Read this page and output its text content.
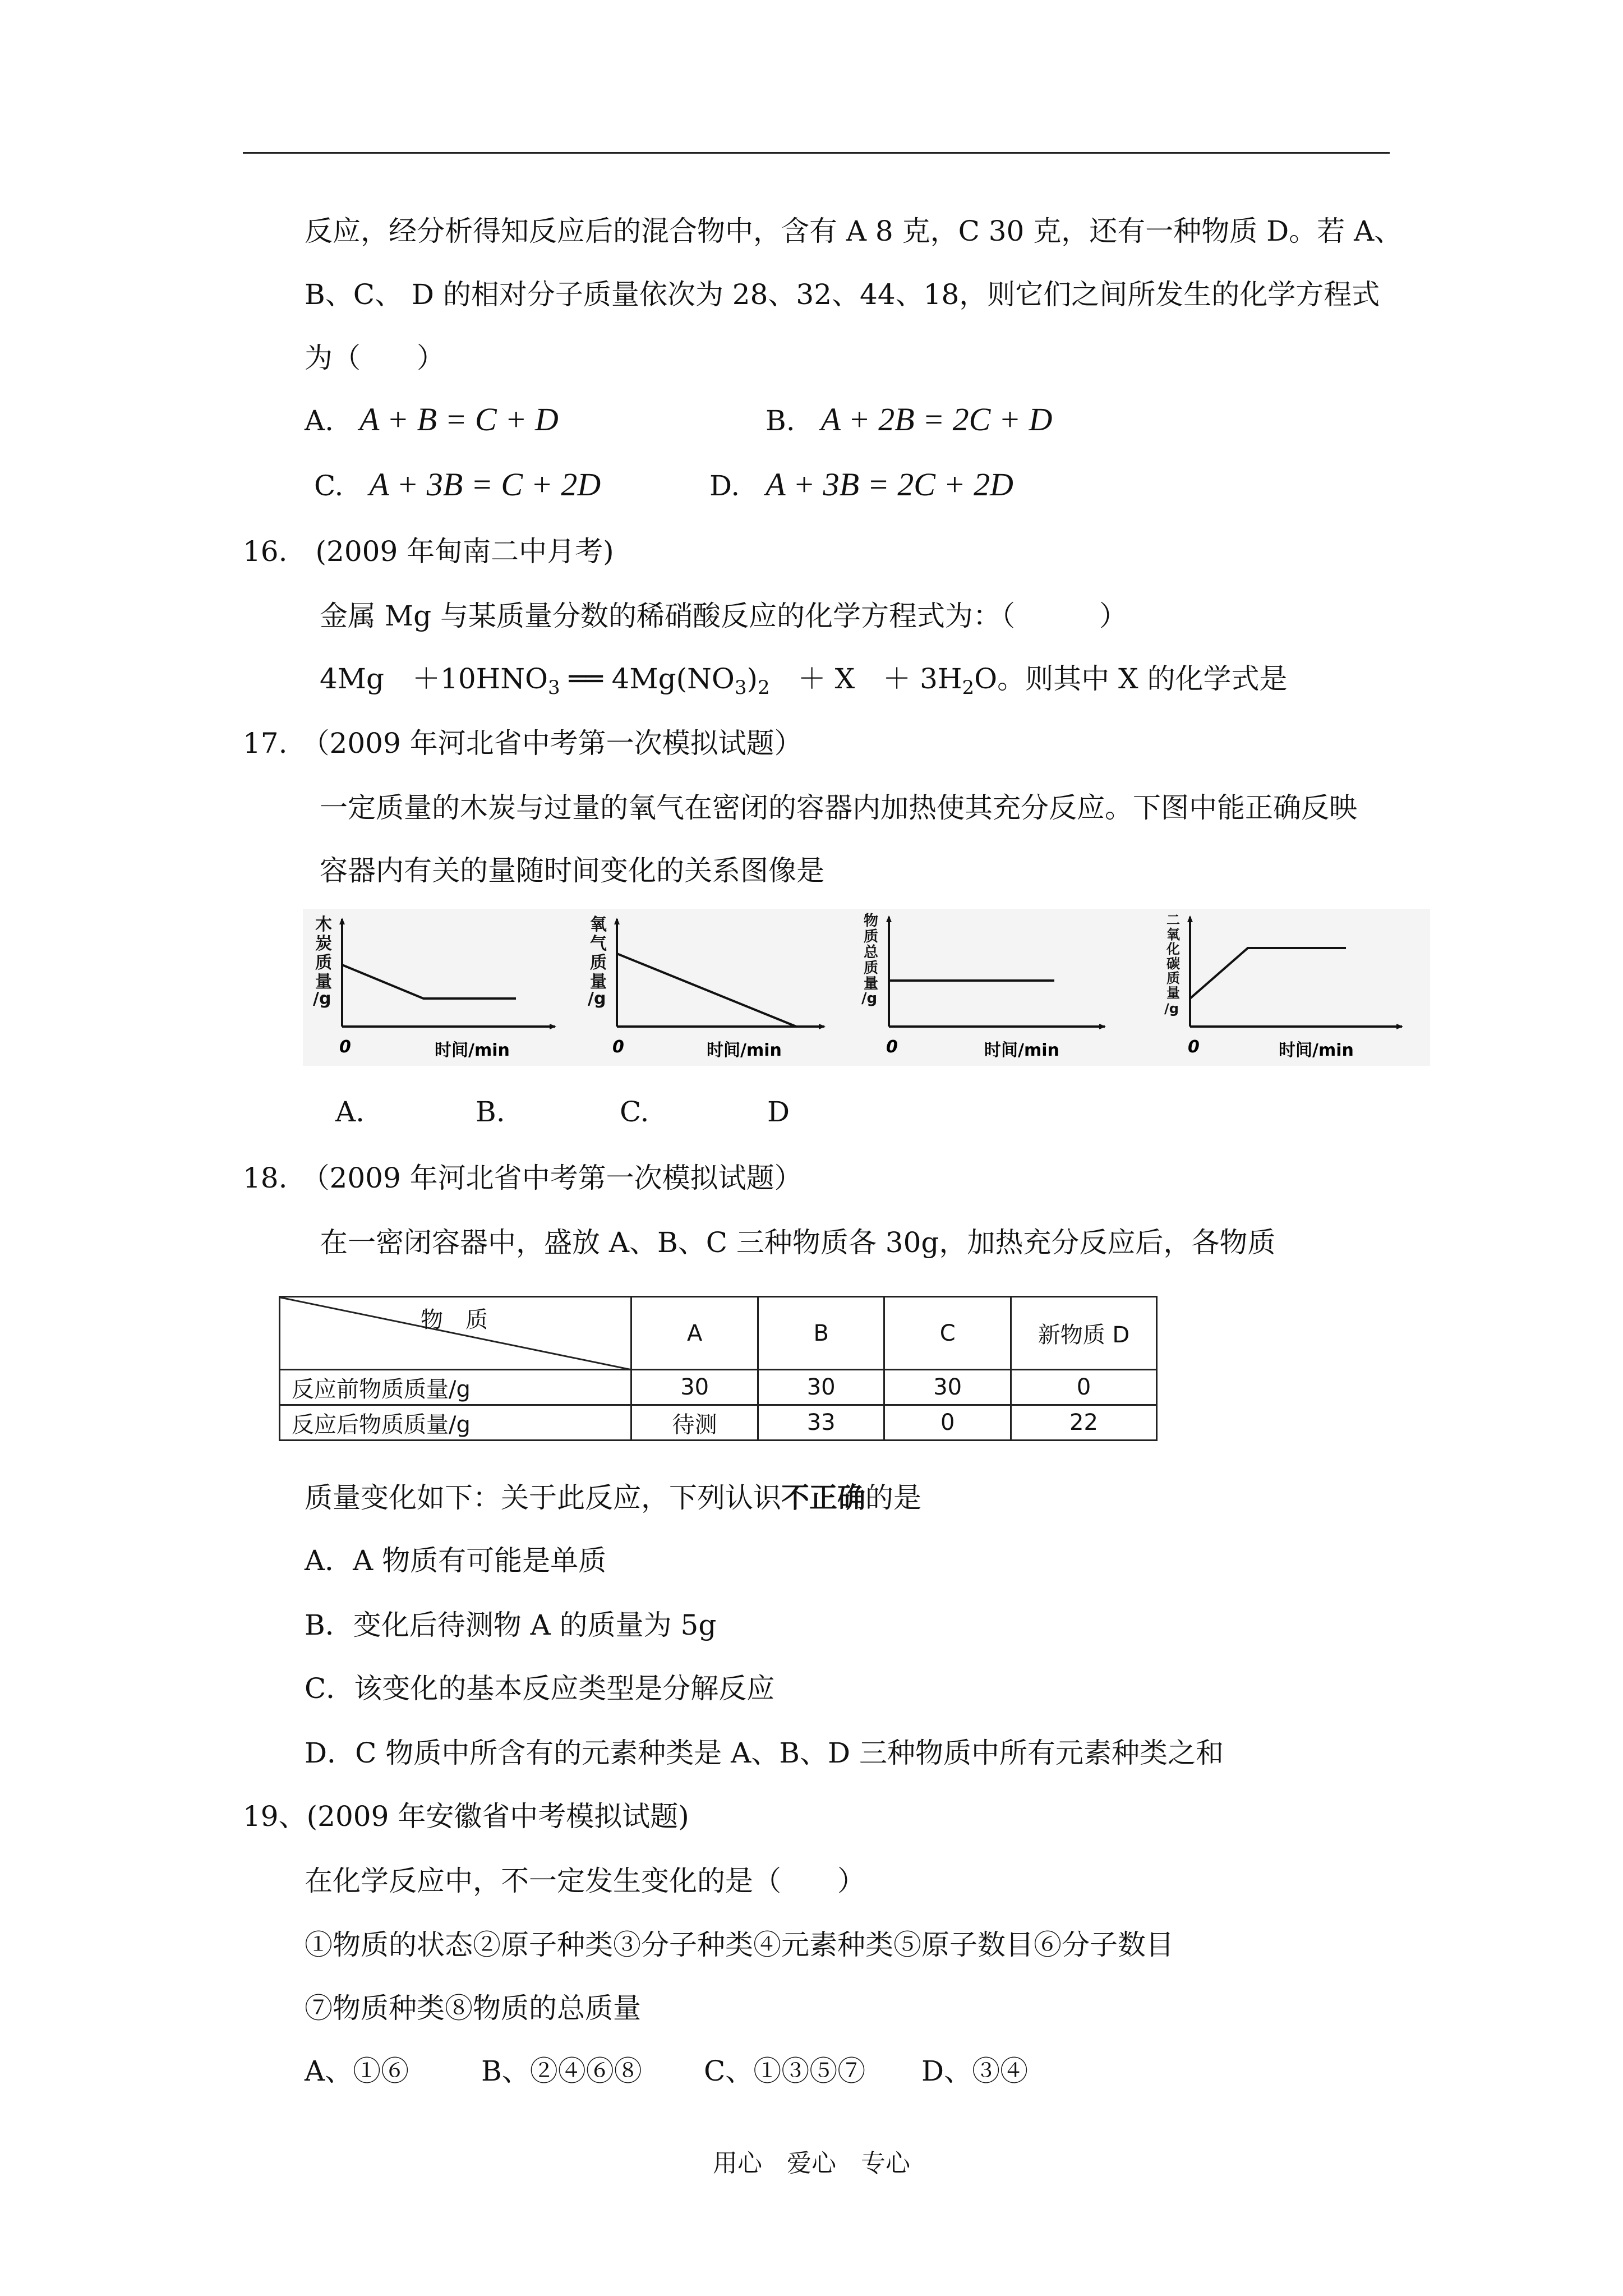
反应，经分析得知反应后的混合物中，含有 A 8 克，C 30 克，还有一种物质 D。若 A、
B、C、 D 的相对分子质量依次为 28、32、44、18，则它们之间所发生的化学方程式
为（　　）
A. A + B = C + D	B. A + 2B = 2C + D
C. A + 3B = C + 2D	D. A + 3B = 2C + 2D
16.　(2009 年甸南二中月考)
金属 Mg 与某质量分数的稀硝酸反应的化学方程式为：（　　　）
4Mg　$+10HNO_3$ ══ $4Mg(NO_3)_2$　＋ X　＋ $3H_2O$。则其中 X 的化学式是
17.　（2009 年河北省中考第一次模拟试题）
一定质量的木炭与过量的氧气在密闭的容器内加热使其充分反应。下图中能正确反映
容器内有关的量随时间变化的关系图像是
木
炭
质
量
/g
0	时间/min
氧
气
质
量
/g
0	时间/min
物
质
总
质
量
/g
0	时间/min
二
氧
化
碳
质
量
/g
0	时间/min
A.	B.	C.	D
18.　（2009 年河北省中考第一次模拟试题）
在一密闭容器中，盛放 A、B、C 三种物质各 30g，加热充分反应后，各物质
物　质	A	B	C	新物质 D
反应前物质质量/g	30	30	30	0
反应后物质质量/g	待测	33	0	22
质量变化如下：关于此反应，下列认识不正确的是
A．A 物质有可能是单质
B．变化后待测物 A 的质量为 5g
C．该变化的基本反应类型是分解反应
D．C 物质中所含有的元素种类是 A、B、D 三种物质中所有元素种类之和
19、(2009 年安徽省中考模拟试题)
在化学反应中，不一定发生变化的是（　　）
①物质的状态②原子种类③分子种类④元素种类⑤原子数目⑥分子数目
⑦物质种类⑧物质的总质量
A、①⑥	B、②④⑥⑧ C、①③⑤⑦ D、③④
用心　爱心　专心
